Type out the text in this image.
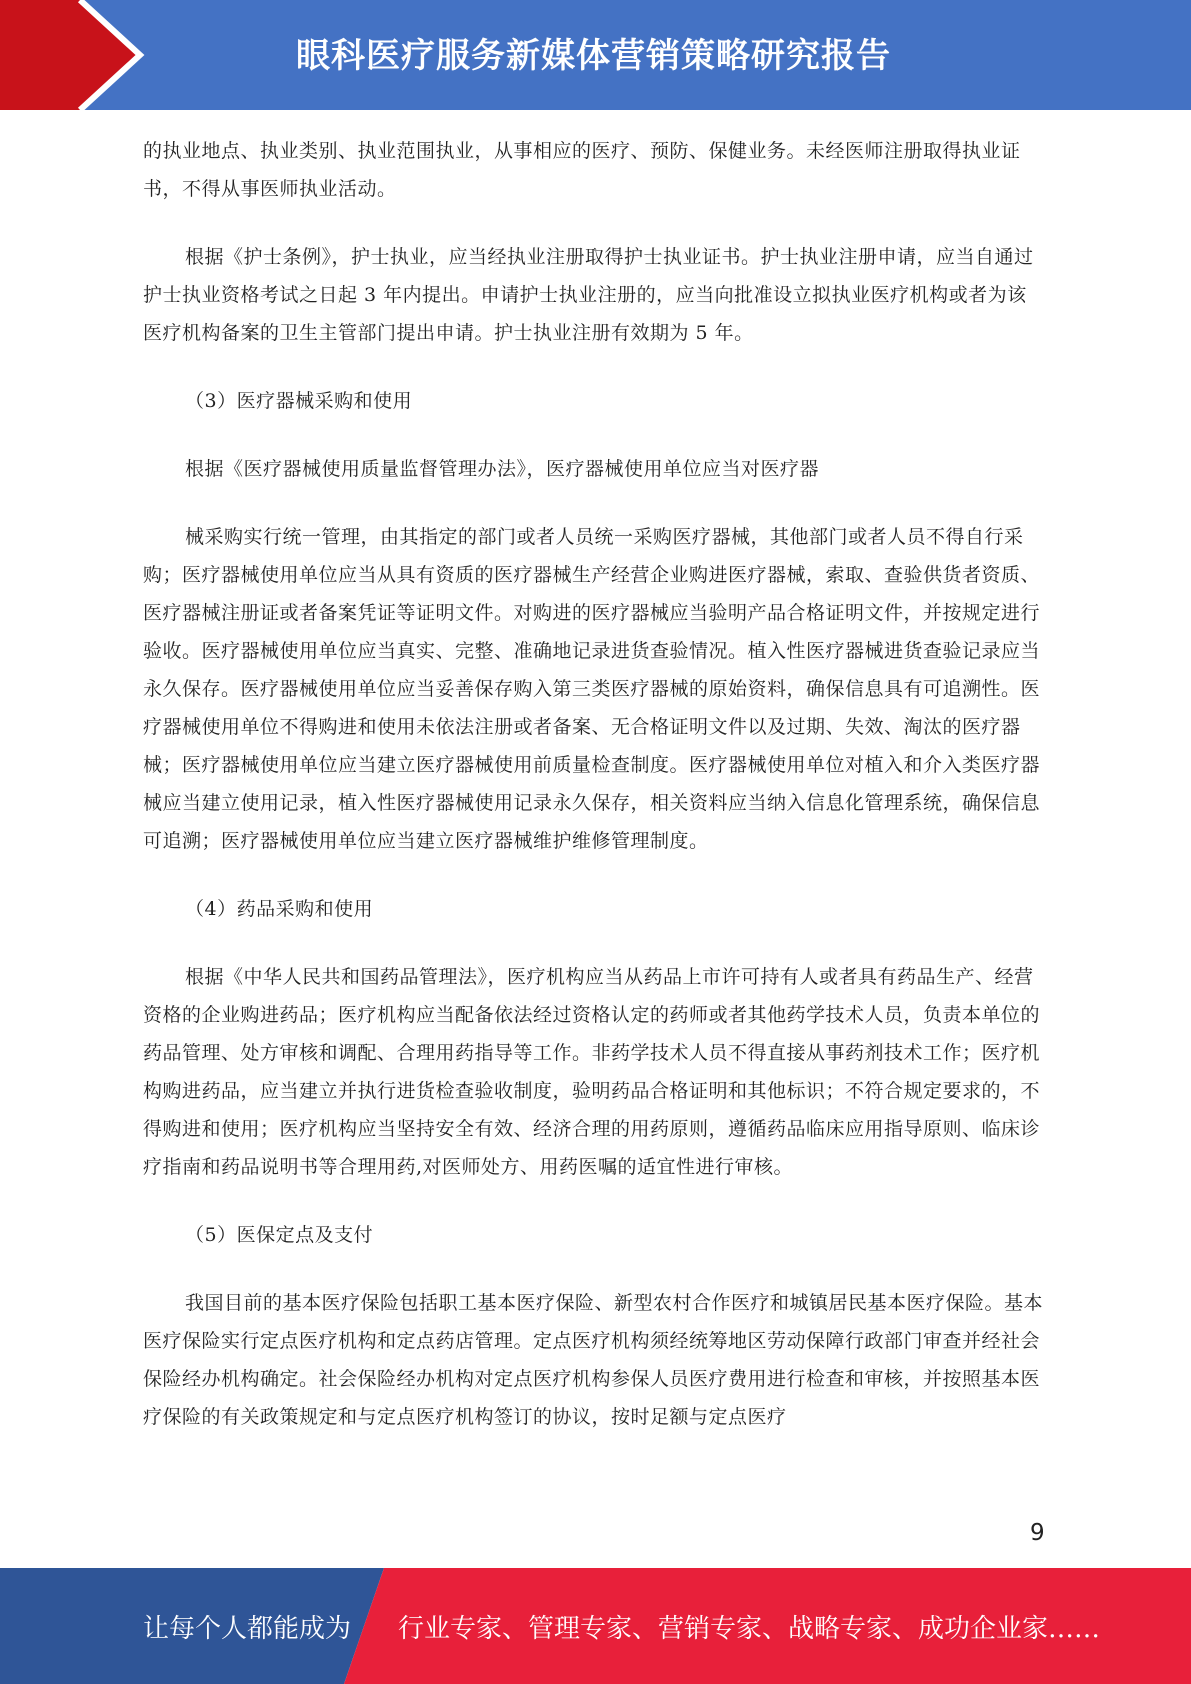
眼科医疗服务新媒体营销策略研究报告

的执业地点、执业类别、执业范围执业，从事相应的医疗、预防、保健业务。未经医师注册取得执业证书，不得从事医师执业活动。

根据《护士条例》，护士执业，应当经执业注册取得护士执业证书。护士执业注册申请，应当自通过护士执业资格考试之日起 3 年内提出。申请护士执业注册的，应当向批准设立拟执业医疗机构或者为该医疗机构备案的卫生主管部门提出申请。护士执业注册有效期为 5 年。

（3）医疗器械采购和使用

根据《医疗器械使用质量监督管理办法》，医疗器械使用单位应当对医疗器

械采购实行统一管理，由其指定的部门或者人员统一采购医疗器械，其他部门或者人员不得自行采购；医疗器械使用单位应当从具有资质的医疗器械生产经营企业购进医疗器械，索取、查验供货者资质、医疗器械注册证或者备案凭证等证明文件。对购进的医疗器械应当验明产品合格证明文件，并按规定进行验收。医疗器械使用单位应当真实、完整、准确地记录进货查验情况。植入性医疗器械进货查验记录应当永久保存。医疗器械使用单位应当妥善保存购入第三类医疗器械的原始资料，确保信息具有可追溯性。医疗器械使用单位不得购进和使用未依法注册或者备案、无合格证明文件以及过期、失效、淘汰的医疗器械；医疗器械使用单位应当建立医疗器械使用前质量检查制度。医疗器械使用单位对植入和介入类医疗器械应当建立使用记录，植入性医疗器械使用记录永久保存，相关资料应当纳入信息化管理系统，确保信息可追溯；医疗器械使用单位应当建立医疗器械维护维修管理制度。

（4）药品采购和使用

根据《中华人民共和国药品管理法》，医疗机构应当从药品上市许可持有人或者具有药品生产、经营资格的企业购进药品；医疗机构应当配备依法经过资格认定的药师或者其他药学技术人员，负责本单位的药品管理、处方审核和调配、合理用药指导等工作。非药学技术人员不得直接从事药剂技术工作；医疗机构购进药品，应当建立并执行进货检查验收制度，验明药品合格证明和其他标识；不符合规定要求的，不得购进和使用；医疗机构应当坚持安全有效、经济合理的用药原则，遵循药品临床应用指导原则、临床诊疗指南和药品说明书等合理用药,对医师处方、用药医嘱的适宜性进行审核。

（5）医保定点及支付

我国目前的基本医疗保险包括职工基本医疗保险、新型农村合作医疗和城镇居民基本医疗保险。基本医疗保险实行定点医疗机构和定点药店管理。定点医疗机构须经统筹地区劳动保障行政部门审查并经社会保险经办机构确定。社会保险经办机构对定点医疗机构参保人员医疗费用进行检查和审核，并按照基本医疗保险的有关政策规定和与定点医疗机构签订的协议，按时足额与定点医疗

9
让每个人都能成为 行业专家、管理专家、营销专家、战略专家、成功企业家……
